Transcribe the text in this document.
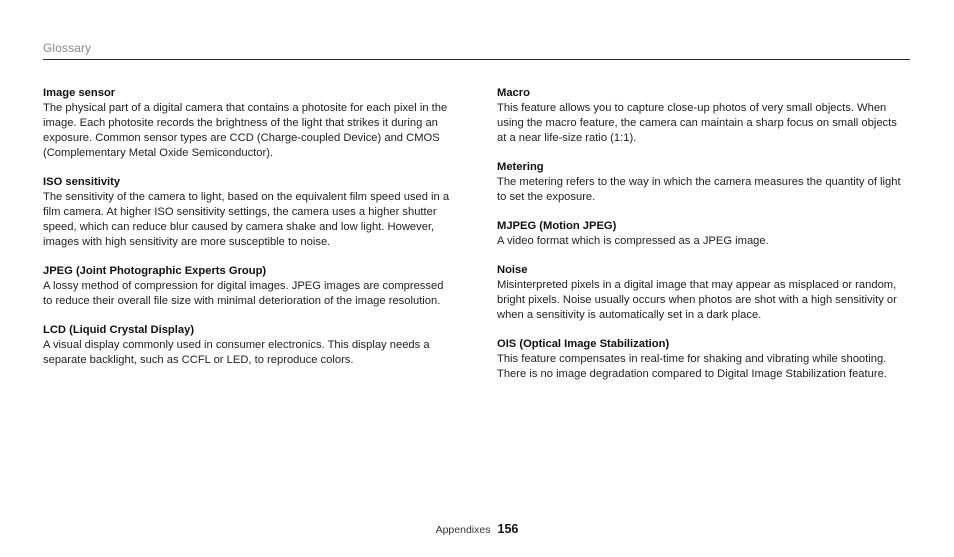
Glossary
Image sensor

The physical part of a digital camera that contains a photosite for each pixel in the image. Each photosite records the brightness of the light that strikes it during an exposure. Common sensor types are CCD (Charge-coupled Device) and CMOS (Complementary Metal Oxide Semiconductor).

ISO sensitivity

The sensitivity of the camera to light, based on the equivalent film speed used in a film camera. At higher ISO sensitivity settings, the camera uses a higher shutter speed, which can reduce blur caused by camera shake and low light. However, images with high sensitivity are more susceptible to noise.

JPEG (Joint Photographic Experts Group)

A lossy method of compression for digital images. JPEG images are compressed to reduce their overall file size with minimal deterioration of the image resolution.

LCD (Liquid Crystal Display)

A visual display commonly used in consumer electronics. This display needs a separate backlight, such as CCFL or LED, to reproduce colors.

Macro

This feature allows you to capture close-up photos of very small objects. When using the macro feature, the camera can maintain a sharp focus on small objects at a near life-size ratio (1:1).

Metering

The metering refers to the way in which the camera measures the quantity of light to set the exposure.

MJPEG (Motion JPEG)

A video format which is compressed as a JPEG image.

Noise

Misinterpreted pixels in a digital image that may appear as misplaced or random, bright pixels. Noise usually occurs when photos are shot with a high sensitivity or when a sensitivity is automatically set in a dark place.

OIS (Optical Image Stabilization)

This feature compensates in real-time for shaking and vibrating while shooting. There is no image degradation compared to Digital Image Stabilization feature.

Appendixes 156
